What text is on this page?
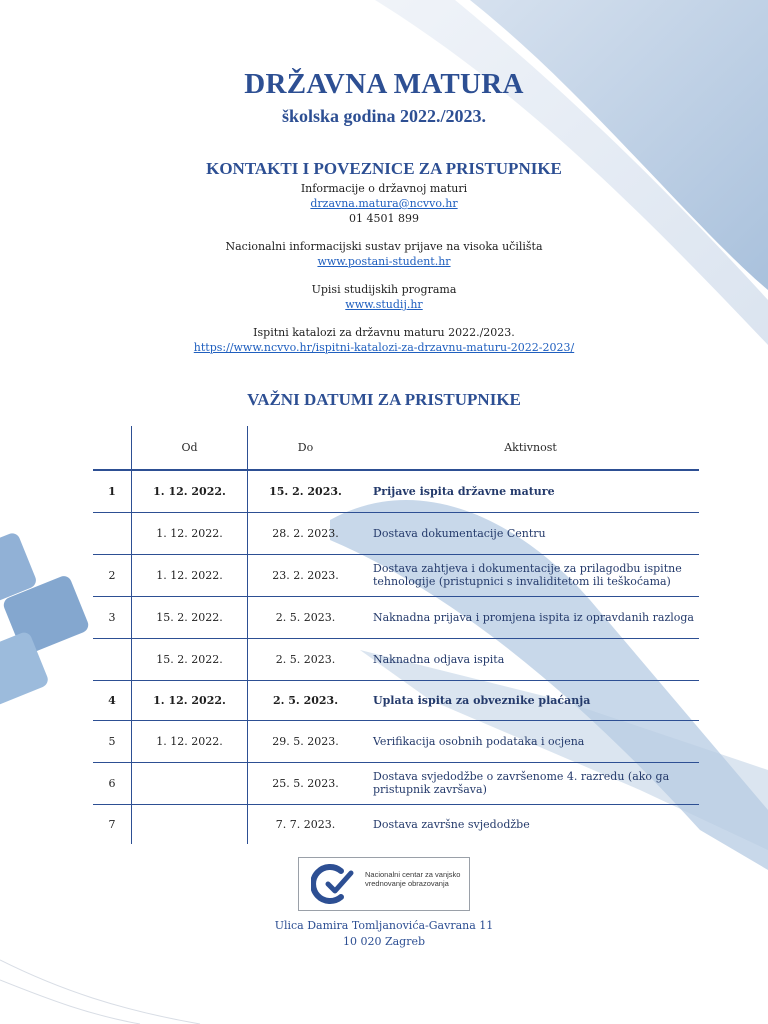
DRŽAVNA MATURA
školska godina 2022./2023.
KONTAKTI I POVEZNICE ZA PRISTUPNIKE
Informacije o državnoj maturi
drzavna.matura@ncvvo.hr
01 4501 899
Nacionalni informacijski sustav prijave na visoka učilišta
www.postani-student.hr
Upisi studijskih programa
www.studij.hr
Ispitni katalozi za državnu maturu 2022./2023.
https://www.ncvvo.hr/ispitni-katalozi-za-drzavnu-maturu-2022-2023/
VAŽNI DATUMI ZA PRISTUPNIKE
	Od	Do	Aktivnost
1	1. 12. 2022.	15. 2. 2023.	Prijave ispita državne mature
	1. 12. 2022.	28. 2. 2023.	Dostava dokumentacije Centru
2	1. 12. 2022.	23. 2. 2023.	Dostava zahtjeva i dokumentacije za prilagodbu ispitne tehnologije (pristupnici s invaliditetom ili teškoćama)
3	15. 2. 2022.	2. 5. 2023.	Naknadna prijava i promjena ispita iz opravdanih razloga
	15. 2. 2022.	2. 5. 2023.	Naknadna odjava ispita
4	1. 12. 2022.	2. 5. 2023.	Uplata ispita za obveznike plaćanja
5	1. 12. 2022.	29. 5. 2023.	Verifikacija osobnih podataka i ocjena
6		25. 5. 2023.	Dostava svjedodžbe o završenome 4. razredu (ako ga pristupnik završava)
7		7. 7. 2023.	Dostava završne svjedodžbe
Nacionalni centar za vanjsko vrednovanje obrazovanja
Ulica Damira Tomljanovića-Gavrana 11
10 020 Zagreb
